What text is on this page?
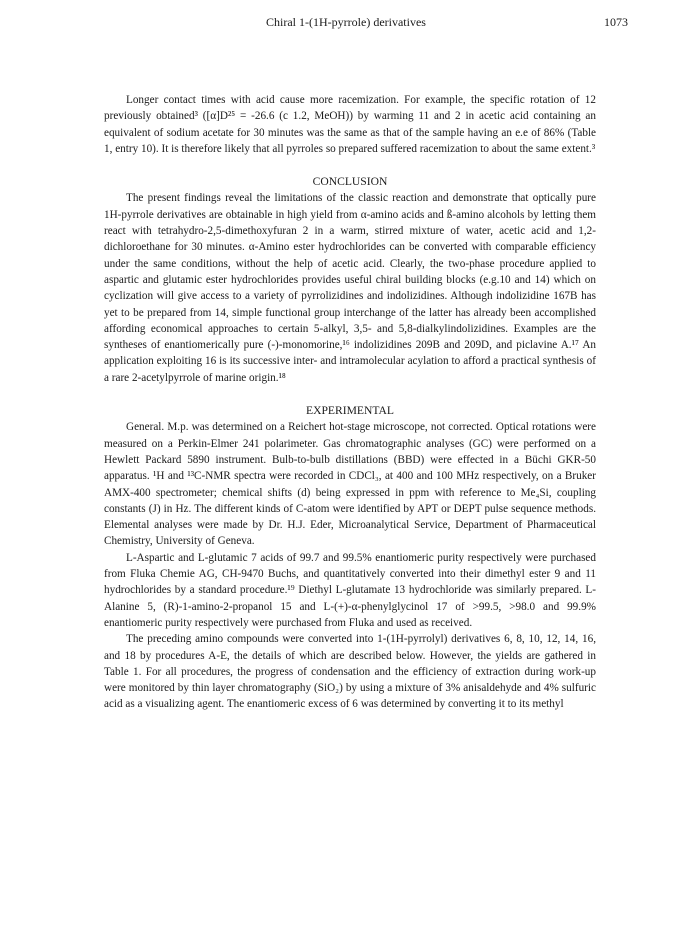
Chiral 1-(1H-pyrrole) derivatives	1073

Longer contact times with acid cause more racemization. For example, the specific rotation of 12 previously obtained³ ([α]D²⁵ = -26.6 (c 1.2, MeOH)) by warming 11 and 2 in acetic acid containing an equivalent of sodium acetate for 30 minutes was the same as that of the sample having an e.e of 86% (Table 1, entry 10). It is therefore likely that all pyrroles so prepared suffered racemization to about the same extent.³

CONCLUSION

The present findings reveal the limitations of the classic reaction and demonstrate that optically pure 1H-pyrrole derivatives are obtainable in high yield from α-amino acids and ß-amino alcohols by letting them react with tetrahydro-2,5-dimethoxyfuran 2 in a warm, stirred mixture of water, acetic acid and 1,2-dichloroethane for 30 minutes. α-Amino ester hydrochlorides can be converted with comparable efficiency under the same conditions, without the help of acetic acid. Clearly, the two-phase procedure applied to aspartic and glutamic ester hydrochlorides provides useful chiral building blocks (e.g.10 and 14) which on cyclization will give access to a variety of pyrrolizidines and indolizidines. Although indolizidine 167B has yet to be prepared from 14, simple functional group interchange of the latter has already been accomplished affording economical approaches to certain 5-alkyl, 3,5- and 5,8-dialkylindolizidines. Examples are the syntheses of enantiomerically pure (-)-monomorine,¹⁶ indolizidines 209B and 209D, and piclavine A.¹⁷ An application exploiting 16 is its successive inter- and intramolecular acylation to afford a practical synthesis of a rare 2-acetylpyrrole of marine origin.¹⁸

EXPERIMENTAL

General. M.p. was determined on a Reichert hot-stage microscope, not corrected. Optical rotations were measured on a Perkin-Elmer 241 polarimeter. Gas chromatographic analyses (GC) were performed on a Hewlett Packard 5890 instrument. Bulb-to-bulb distillations (BBD) were effected in a Büchi GKR-50 apparatus. ¹H and ¹³C-NMR spectra were recorded in CDCl₃, at 400 and 100 MHz respectively, on a Bruker AMX-400 spectrometer; chemical shifts (d) being expressed in ppm with reference to Me₄Si, coupling constants (J) in Hz. The different kinds of C-atom were identified by APT or DEPT pulse sequence methods. Elemental analyses were made by Dr. H.J. Eder, Microanalytical Service, Department of Pharmaceutical Chemistry, University of Geneva.

L-Aspartic and L-glutamic 7 acids of 99.7 and 99.5% enantiomeric purity respectively were purchased from Fluka Chemie AG, CH-9470 Buchs, and quantitatively converted into their dimethyl ester 9 and 11 hydrochlorides by a standard procedure.¹⁹ Diethyl L-glutamate 13 hydrochloride was similarly prepared. L-Alanine 5, (R)-1-amino-2-propanol 15 and L-(+)-α-phenylglycinol 17 of >99.5, >98.0 and 99.9% enantiomeric purity respectively were purchased from Fluka and used as received.

The preceding amino compounds were converted into 1-(1H-pyrrolyl) derivatives 6, 8, 10, 12, 14, 16, and 18 by procedures A-E, the details of which are described below. However, the yields are gathered in Table 1. For all procedures, the progress of condensation and the efficiency of extraction during work-up were monitored by thin layer chromatography (SiO₂) by using a mixture of 3% anisaldehyde and 4% sulfuric acid as a visualizing agent. The enantiomeric excess of 6 was determined by converting it to its methyl
